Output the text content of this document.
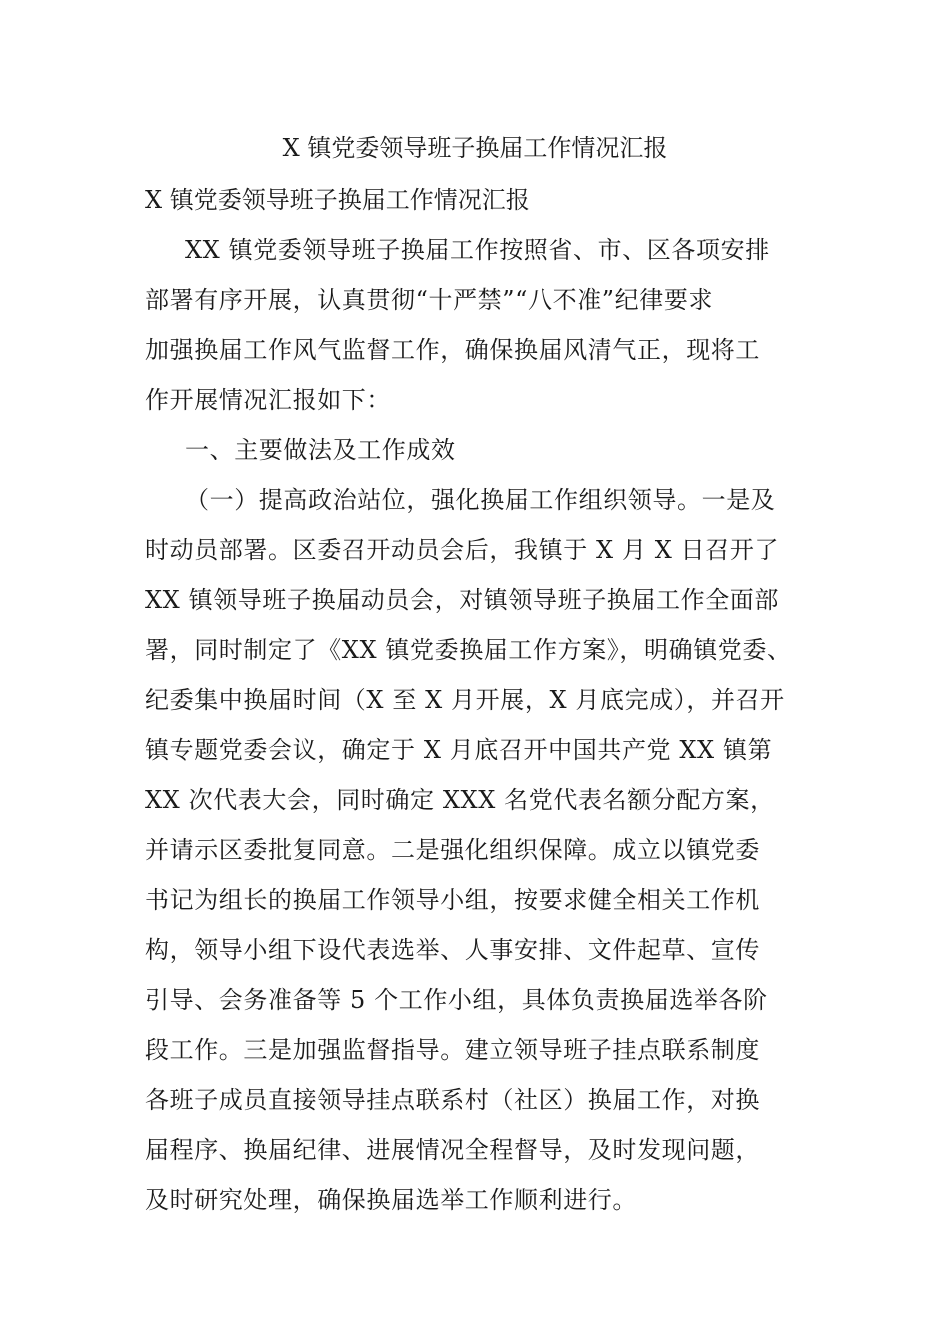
X 镇党委领导班子换届工作情况汇报
X 镇党委领导班子换届工作情况汇报
XX 镇党委领导班子换届工作按照省、市、区各项安排
部署有序开展，认真贯彻“十严禁”“八不准”纪律要求
加强换届工作风气监督工作，确保换届风清气正，现将工
作开展情况汇报如下：
一、主要做法及工作成效
（一）提高政治站位，强化换届工作组织领导。一是及
时动员部署。区委召开动员会后，我镇于 X 月 X 日召开了
XX 镇领导班子换届动员会，对镇领导班子换届工作全面部
署，同时制定了《XX 镇党委换届工作方案》，明确镇党委、
纪委集中换届时间（X 至 X 月开展，X 月底完成），并召开
镇专题党委会议，确定于 X 月底召开中国共产党 XX 镇第
XX 次代表大会，同时确定 XXX 名党代表名额分配方案，
并请示区委批复同意。二是强化组织保障。成立以镇党委
书记为组长的换届工作领导小组，按要求健全相关工作机
构，领导小组下设代表选举、人事安排、文件起草、宣传
引导、会务准备等 5 个工作小组，具体负责换届选举各阶
段工作。三是加强监督指导。建立领导班子挂点联系制度
各班子成员直接领导挂点联系村（社区）换届工作，对换
届程序、换届纪律、进展情况全程督导，及时发现问题，
及时研究处理，确保换届选举工作顺利进行。
